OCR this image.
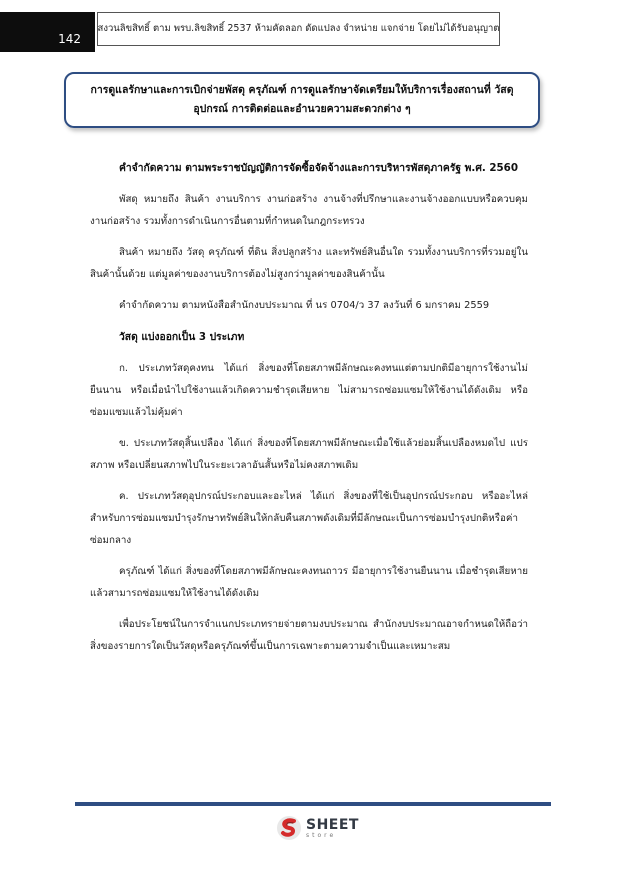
142
สงวนลิขสิทธิ์ ตาม พรบ.ลิขสิทธิ์ 2537 ห้ามคัดลอก ดัดแปลง จำหน่าย แจกจ่าย โดยไม่ได้รับอนุญาต
การดูแลรักษาและการเบิกจ่ายพัสดุ ครุภัณฑ์ การดูแลรักษาจัดเตรียมให้บริการเรื่องสถานที่ วัสดุ
อุปกรณ์ การติดต่อและอำนวยความสะดวกต่าง ๆ
คำจำกัดความ ตามพระราชบัญญัติการจัดซื้อจัดจ้างและการบริหารพัสดุภาครัฐ พ.ศ. 2560

พัสดุ หมายถึง สินค้า งานบริการ งานก่อสร้าง งานจ้างที่ปรึกษาและงานจ้างออกแบบหรือควบคุมงานก่อสร้าง รวมทั้งการดำเนินการอื่นตามที่กำหนดในกฎกระทรวง

สินค้า หมายถึง วัสดุ ครุภัณฑ์ ที่ดิน สิ่งปลูกสร้าง และทรัพย์สินอื่นใด รวมทั้งงานบริการที่รวมอยู่ในสินค้านั้นด้วย แต่มูลค่าของงานบริการต้องไม่สูงกว่ามูลค่าของสินค้านั้น

คำจำกัดความ ตามหนังสือสำนักงบประมาณ ที่ นร 0704/ว 37 ลงวันที่ 6 มกราคม 2559

วัสดุ แบ่งออกเป็น 3 ประเภท

ก. ประเภทวัสดุคงทน ได้แก่ สิ่งของที่โดยสภาพมีลักษณะคงทนแต่ตามปกติมีอายุการใช้งานไม่ยืนนาน หรือเมื่อนำไปใช้งานแล้วเกิดความชำรุดเสียหาย ไม่สามารถซ่อมแซมให้ใช้งานได้ดังเดิม หรือซ่อมแซมแล้วไม่คุ้มค่า

ข. ประเภทวัสดุสิ้นเปลือง ได้แก่ สิ่งของที่โดยสภาพมีลักษณะเมื่อใช้แล้วย่อมสิ้นเปลืองหมดไป แปรสภาพ หรือเปลี่ยนสภาพไปในระยะเวลาอันสั้นหรือไม่คงสภาพเดิม

ค. ประเภทวัสดุอุปกรณ์ประกอบและอะไหล่ ได้แก่ สิ่งของที่ใช้เป็นอุปกรณ์ประกอบ หรืออะไหล่สำหรับการซ่อมแซมบำรุงรักษาทรัพย์สินให้กลับคืนสภาพดังเดิมที่มีลักษณะเป็นการซ่อมบำรุงปกติหรือค่าซ่อมกลาง

ครุภัณฑ์ ได้แก่ สิ่งของที่โดยสภาพมีลักษณะคงทนถาวร มีอายุการใช้งานยืนนาน เมื่อชำรุดเสียหายแล้วสามารถซ่อมแซมให้ใช้งานได้ดังเดิม

เพื่อประโยชน์ในการจำแนกประเภทรายจ่ายตามงบประมาณ สำนักงบประมาณอาจกำหนดให้ถือว่าสิ่งของรายการใดเป็นวัสดุหรือครุภัณฑ์ขึ้นเป็นการเฉพาะตามความจำเป็นและเหมาะสม

SHEET
store
